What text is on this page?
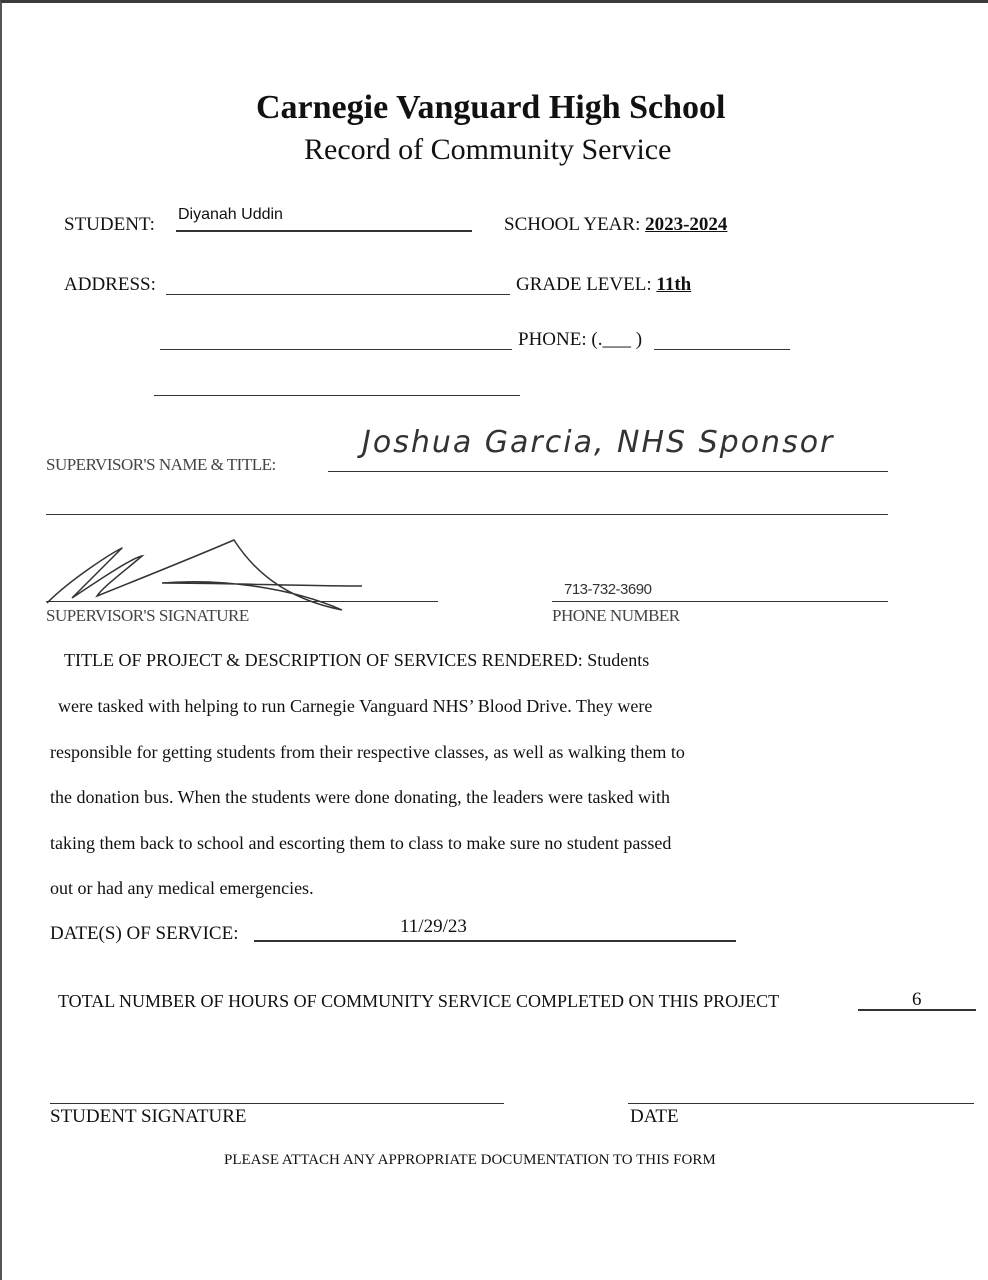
Carnegie Vanguard High School
Record of Community Service
STUDENT: Diyanah Uddin	SCHOOL YEAR: 2023-2024
ADDRESS:	GRADE LEVEL: 11th
PHONE: (.___ )
SUPERVISOR'S NAME & TITLE:
Joshua Garcia, NHS Sponsor
SUPERVISOR'S SIGNATURE
713-732-3690
PHONE NUMBER
TITLE OF PROJECT & DESCRIPTION OF SERVICES RENDERED: Students
were tasked with helping to run Carnegie Vanguard NHS’ Blood Drive. They were
responsible for getting students from their respective classes, as well as walking them to
the donation bus. When the students were done donating, the leaders were tasked with
taking them back to school and escorting them to class to make sure no student passed
out or had any medical emergencies.
DATE(S) OF SERVICE:	11/29/23
TOTAL NUMBER OF HOURS OF COMMUNITY SERVICE COMPLETED ON THIS PROJECT	6
STUDENT SIGNATURE	DATE
PLEASE ATTACH ANY APPROPRIATE DOCUMENTATION TO THIS FORM
